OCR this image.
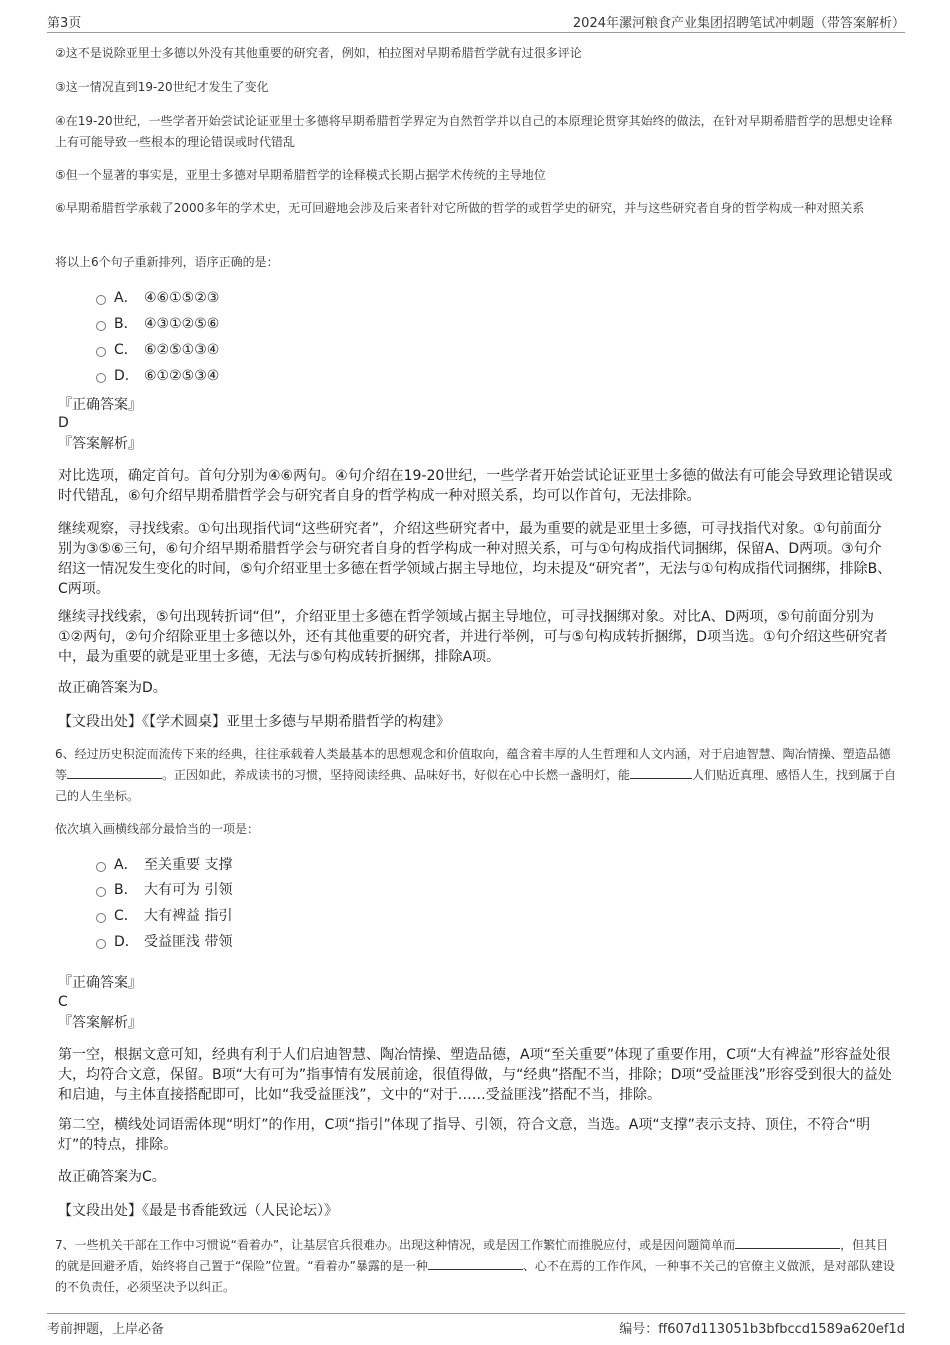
第3页	2024年漯河粮食产业集团招聘笔试冲刺题（带答案解析）
②这不是说除亚里士多德以外没有其他重要的研究者，例如，柏拉图对早期希腊哲学就有过很多评论
③这一情况直到19-20世纪才发生了变化
④在19-20世纪，一些学者开始尝试论证亚里士多德将早期希腊哲学界定为自然哲学并以自己的本原理论贯穿其始终的做法，在针对早期希腊哲学的思想史诠释上有可能导致一些根本的理论错误或时代错乱
⑤但一个显著的事实是，亚里士多德对早期希腊哲学的诠释模式长期占据学术传统的主导地位
⑥早期希腊哲学承载了2000多年的学术史，无可回避地会涉及后来者针对它所做的哲学的或哲学史的研究，并与这些研究者自身的哲学构成一种对照关系
将以上6个句子重新排列，语序正确的是：
A． ④⑥①⑤②③
B． ④③①②⑤⑥
C． ⑥②⑤①③④
D． ⑥①②⑤③④
『正确答案』
D
『答案解析』
对比选项，确定首句。首句分别为④⑥两句。④句介绍在19-20世纪，一些学者开始尝试论证亚里士多德的做法有可能会导致理论错误或时代错乱，⑥句介绍早期希腊哲学会与研究者自身的哲学构成一种对照关系，均可以作首句，无法排除。
继续观察，寻找线索。①句出现指代词“这些研究者”，介绍这些研究者中，最为重要的就是亚里士多德，可寻找指代对象。①句前面分别为③⑤⑥三句，⑥句介绍早期希腊哲学会与研究者自身的哲学构成一种对照关系，可与①句构成指代词捆绑，保留A、D两项。③句介绍这一情况发生变化的时间，⑤句介绍亚里士多德在哲学领域占据主导地位，均未提及“研究者”，无法与①句构成指代词捆绑，排除B、C两项。
继续寻找线索，⑤句出现转折词“但”，介绍亚里士多德在哲学领域占据主导地位，可寻找捆绑对象。对比A、D两项，⑤句前面分别为①②两句，②句介绍除亚里士多德以外，还有其他重要的研究者，并进行举例，可与⑤句构成转折捆绑，D项当选。①句介绍这些研究者中，最为重要的就是亚里士多德，无法与⑤句构成转折捆绑，排除A项。
故正确答案为D。
【文段出处】《【学术圆桌】亚里士多德与早期希腊哲学的构建》
6、经过历史积淀而流传下来的经典，往往承载着人类最基本的思想观念和价值取向，蕴含着丰厚的人生哲理和人文内涵，对于启迪智慧、陶冶情操、塑造品德等	。正因如此，养成读书的习惯，坚持阅读经典、品味好书，好似在心中长燃一盏明灯，能	人们贴近真理、感悟人生，找到属于自己的人生坐标。
依次填入画横线部分最恰当的一项是：
A． 至关重要 支撑
B． 大有可为 引领
C． 大有裨益 指引
D． 受益匪浅 带领
『正确答案』
C
『答案解析』
第一空，根据文意可知，经典有利于人们启迪智慧、陶冶情操、塑造品德，A项“至关重要”体现了重要作用，C项“大有裨益”形容益处很大，均符合文意，保留。B项“大有可为”指事情有发展前途，很值得做，与“经典”搭配不当，排除；D项“受益匪浅”形容受到很大的益处和启迪，与主体直接搭配即可，比如“我受益匪浅”，文中的“对于……受益匪浅”搭配不当，排除。
第二空，横线处词语需体现“明灯”的作用，C项“指引”体现了指导、引领，符合文意，当选。A项“支撑”表示支持、顶住，不符合“明灯”的特点，排除。
故正确答案为C。
【文段出处】《最是书香能致远（人民论坛）》
7、一些机关干部在工作中习惯说“看着办”，让基层官兵很难办。出现这种情况，或是因工作繁忙而推脱应付，或是因问题简单而	，但其目的就是回避矛盾，始终将自己置于“保险”位置。“看着办”暴露的是一种	、心不在焉的工作作风，一种事不关己的官僚主义做派，是对部队建设的不负责任，必须坚决予以纠正。
考前押题，上岸必备	编号：ff607d113051b3bfbccd1589a620ef1d
